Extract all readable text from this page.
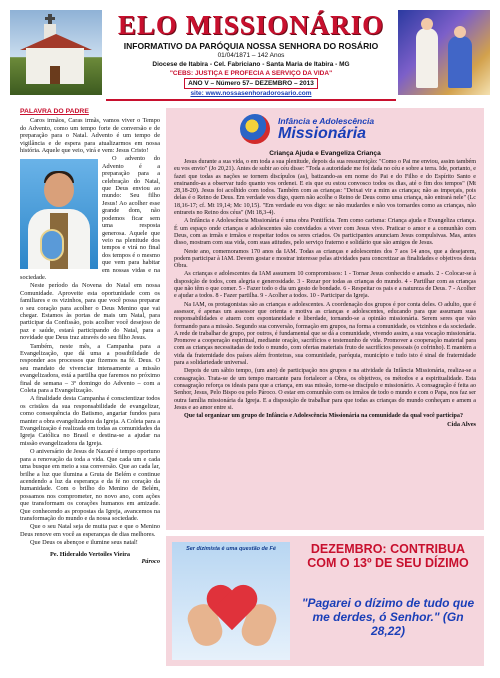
ELO MISSIONÁRIO
INFORMATIVO DA PARÓQUIA NOSSA SENHORA DO ROSÁRIO
01/04/1871 – 142 Anos
Diocese de Itabira - Cel. Fabriciano - Santa Maria de Itabira - MG
"CEBS: JUSTIÇA E PROFECIA A SERVIÇO DA VIDA"
ANO V – Número 57– DEZEMBRO – 2013
site: www.nossasenhoradorosario.com
PALAVRA DO PADRE

Caros irmãos, Caras irmãs, vamos viver o Tempo do Advento, como um tempo forte de conversão e de preparação para o Natal. Advento é um tempo de vigilância e de espera para atualizarmos em nossa história. Aquele que veio, virá e vem: Jesus Cristo!

O advento do Advento é a preparação para a celebração do Natal, que Deus enviou ao mundo: Seu filho Jesus! Ao acolher esse grande dom, não podemos ficar sem uma resposta generosa. Aquele que veio na plenitude dos tempos e virá no final dos tempos é o mesmo que vem para habitar em nossas vidas e na sociedade.

Neste período da Novena do Natal em nossa Comunidade. Aproveite esta oportunidade com os familiares e os vizinhos, para que você possa preparar o seu coração para acolher o Deus Menino que vai chegar. Estamos às portas de mais um Natal, para participar da Confissão, pois acolher você desejoso de paz e saúde, estará participando do Natal, para a novidade que Deus traz através do seu filho Jesus.

Também, neste mês, a Campanha para a Evangelização, que dá uma a possibilidade de responder aos processos que fizemos na fé. Deus. O seu mandato de vivenciar intensamente a missão evangelizadora, está a partilha que faremos no próximo final de semana – 3º domingo do Advento – com a Coleta para a Evangelização.

A finalidade desta Campanha é conscientizar todos os cristãos da sua responsabilidade de evangelizar, como consequência do Batismo, angariar fundos para manter a obra evangelizadora da Igreja. A Coleta para a Evangelização é realizada em todas as comunidades da Igreja Católica no Brasil e destina-se a ajudar na missão evangelizadora da Igreja.

O aniversário de Jesus de Nazaré é tempo oportuno para a renovação da toda a vida. Que cada um e cada uma busque em meio a sua conversão. Que ao cada lar, brilhe a luz que ilumina a Gruta de Belém e continue acendendo a luz da esperança e da fé no coração da humanidade. Com o brilho do Menino de Belém, possamos nos comprometer, no novo ano, com ações que transformam os corações humanos em amizade. Que conhecendo as propostas da Igreja, avancemos na transformação do mundo e da nossa sociedade.

Que o seu Natal seja de muita paz e que o Menino Deus renove em você as esperanças de dias melhores.

Que Deus os abençoe e ilumine seus natal!

Pe. Hideraldo Vertoiles Vieira
Pároco
Infância e Adolescência
Missionária
Criança Ajuda e Evangeliza Criança

Jesus durante a sua vida, o em toda a sua plenitude, depois da sua ressurreição: "Como o Pai me enviou, assim também eu vos envio" (Jo 20,21). Antes de subir ao céu disse: "Toda a autoridade me foi dada no céu e sobre a terra. Ide, portanto, e fazei que todas as nações se tornem discípulos (as), batizando-as em nome do Pai e do Filho e do Espírito Santo e ensinando-as a observar tudo quanto vos ordenei. E eis que eu estou convosco todos os dias, até o fim dos tempos" (Mt 28,18-20). Jesus foi acolhido com todos. Também com as crianças: "Deixai vir a mim as crianças; não as impeçais, pois delas é o Reino de Deus. Em verdade vos digo, quem não acolhe o Reino de Deus como uma criança, não entrará nele" (Lc 18,16-17; cf. Mt 19,14; Mc 10,15). "Em verdade eu vos digo: se não mudardes e não vos tornardes como as crianças, não entrareis no Reino dos céus" (Mt 18,3-4).

A Infância e Adolescência Missionária é uma obra Pontifícia. Tem como carisma: Criança ajuda e Evangeliza criança. É um espaço onde crianças e adolescentes são convidados a viver com Jesus vivo. Praticar o amor e a comunhão com Deus, com as irmãs e irmãos e respeitar todos os seres criados. Os participantes anunciam Jesus compulsivas. Mas, antes disso, mostram com sua vida, com suas atitudes, pelo serviço fraterno e solidário que são amigos de Jesus.

Neste ano, comemoramos 170 anos da IAM. Todas as crianças e adolescentes dos 7 aos 14 anos, que a desejarem, podem participar à IAM. Devem gostar e mostrar interesse pelas atividades para concretizar as finalidades e objetivos desta Obra.

As crianças e adolescentes da IAM assumem 10 compromissos: 1 - Tornar Jesus conhecido e amado. 2 - Colocar-se à disposição de todos, com alegria e generosidade. 3 - Rezar por todas as crianças do mundo. 4 - Partilhar com as crianças que não têm o que comer. 5 - Fazer todo o dia um gesto de bondade. 6 - Respeitar os pais e a natureza de Deus. 7 - Acolher e ajudar a todos. 8 - Fazer partilha. 9 - Acolher a todos. 10 - Participar da Igreja.

Na IAM, os protagonistas são as crianças e adolescentes. A coordenação dos grupos é por conta deles. O adulto, que é assessor, é apenas um assessor que orienta e motiva as crianças e adolescentes, educando para que assumam suas responsabilidades e atuem com espontaneidade e liberdade, tornando-se a opinião missionária. Serem seres que vão formando para a missão. Segundo sua conversão, formação em grupos, na forma a comunidade, os vizinhos e da sociedade. A rede de trabalhar de grupo, por outros, é fundamental que se dá a comunidade, vivendo assim, a sua vocação missionária. Promove a cooperação espiritual, mediante oração, sacrifícios e testemunho de vida. Promover a cooperação material para com as crianças necessitadas de todo o mundo, com ofertas materiais fruto de sacrifícios pessoais (o cofrinho). E mantém a vida da fraternidade dos países além fronteiras, sua comunidade, paróquia, município e tudo isto é sinal de fraternidade para a solidariedade universal.

Depois de um sábio tempo, (um ano) de participação nos grupos e na atividade da Infância Missionária, realiza-se a consagração. Trata-se de um tempo marcante para fortalecer a Obra, os objetivos, os métodos e a espiritualidade. Esta consagração reforça os ideais para que a criança, em sua missão, torne-se discípulo e missionário. A consagração é feita ao Senhor, Jesus, Pelo Bispo ou pelo Pároco. O estar em comunhão com os irmãos de todo o mundo e com o Papa, nos faz ser outra família missionária da Igreja. E a disposição de trabalhar para que todas as crianças do mundo conheçam e amem a Jesus e ao amor entre si.

Que tal organizar um grupo de Infância e Adolescência Missionária na comunidade da qual você participa?

Cida Alves
Ser dizimista é uma questão de Fé	DEZEMBRO: CONTRIBUA COM O 13º DE SEU DÍZIMO
"Pagarei o dízimo de tudo que me derdes, ó Senhor." (Gn 28,22)
